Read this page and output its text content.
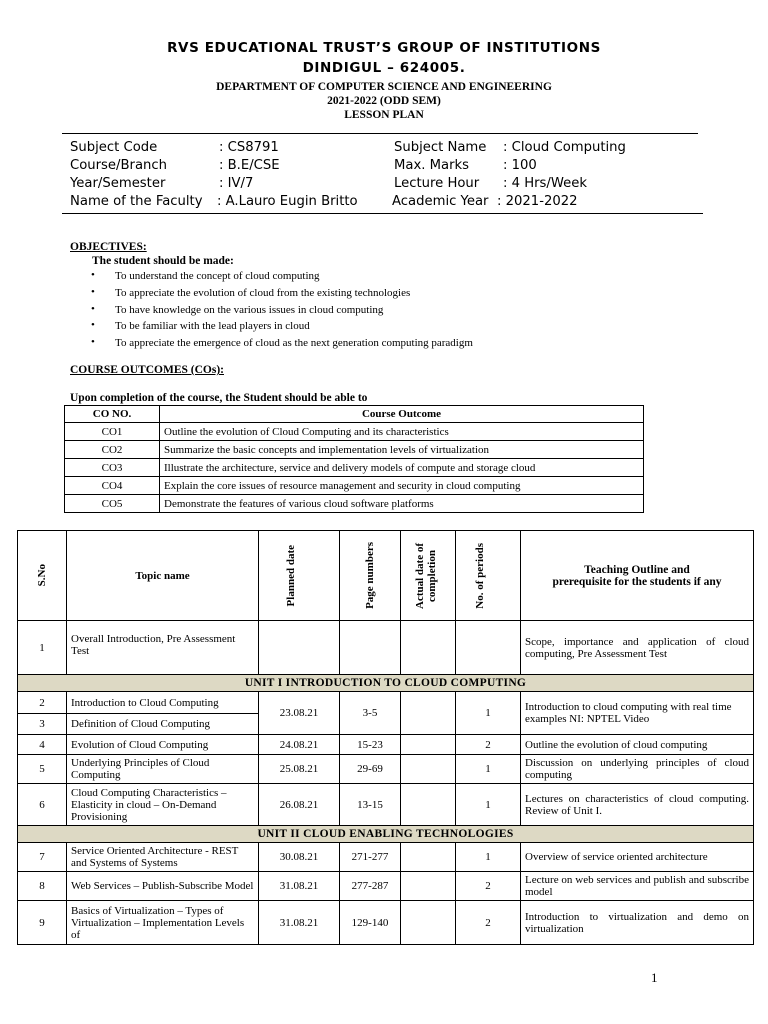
RVS EDUCATIONAL TRUST’S GROUP OF INSTITUTIONS
DINDIGUL – 624005.
DEPARTMENT OF COMPUTER SCIENCE AND ENGINEERING
2021-2022 (ODD SEM)
LESSON PLAN
Subject Code	: CS8791	Subject Name : Cloud Computing
Course/Branch	: B.E/CSE	Max. Marks	: 100
Year/Semester	: IV/7	Lecture Hour : 4 Hrs/Week
Name of the Faculty : A.Lauro Eugin Britto	Academic Year : 2021-2022
OBJECTIVES:
The student should be made:
• To understand the concept of cloud computing
• To appreciate the evolution of cloud from the existing technologies
• To have knowledge on the various issues in cloud computing
• To be familiar with the lead players in cloud
• To appreciate the emergence of cloud as the next generation computing paradigm
COURSE OUTCOMES (COs):
Upon completion of the course, the Student should be able to
CO NO.	Course Outcome
CO1	Outline the evolution of Cloud Computing and its characteristics
CO2	Summarize the basic concepts and implementation levels of virtualization
CO3	Illustrate the architecture, service and delivery models of compute and storage cloud
CO4	Explain the core issues of resource management and security in cloud computing
CO5	Demonstrate the features of various cloud software platforms
S.No	Topic name	Planned date	Page numbers	Actual date of completion	No. of periods	Teaching Outline and
prerequisite for the students if any

1	Overall Introduction, Pre Assessment Test					Scope, importance and application of cloud computing, Pre Assessment Test
UNIT I INTRODUCTION TO CLOUD COMPUTING						
2	Introduction to Cloud Computing	23.08.21	3-5		1	Introduction to cloud computing with real time examples NI: NPTEL Video
3	Definition of Cloud Computing					
4	Evolution of Cloud Computing	24.08.21	15-23		2	Outline the evolution of cloud computing
5	Underlying Principles of Cloud Computing	25.08.21	29-69		1	Discussion on underlying principles of cloud computing
6	Cloud Computing Characteristics – Elasticity in cloud – On-Demand Provisioning	26.08.21	13-15		1	Lectures on characteristics of cloud computing. Review of Unit I.
UNIT II CLOUD ENABLING TECHNOLOGIES						
7	Service Oriented Architecture - REST and Systems of Systems	30.08.21	271-277		1	Overview of service oriented architecture
8	Web Services – Publish-Subscribe Model	31.08.21	277-287		2	Lecture on web services and publish and subscribe model
9	Basics of Virtualization – Types of Virtualization – Implementation Levels of	31.08.21	129-140		2	Introduction to virtualization and demo on virtualization
1
